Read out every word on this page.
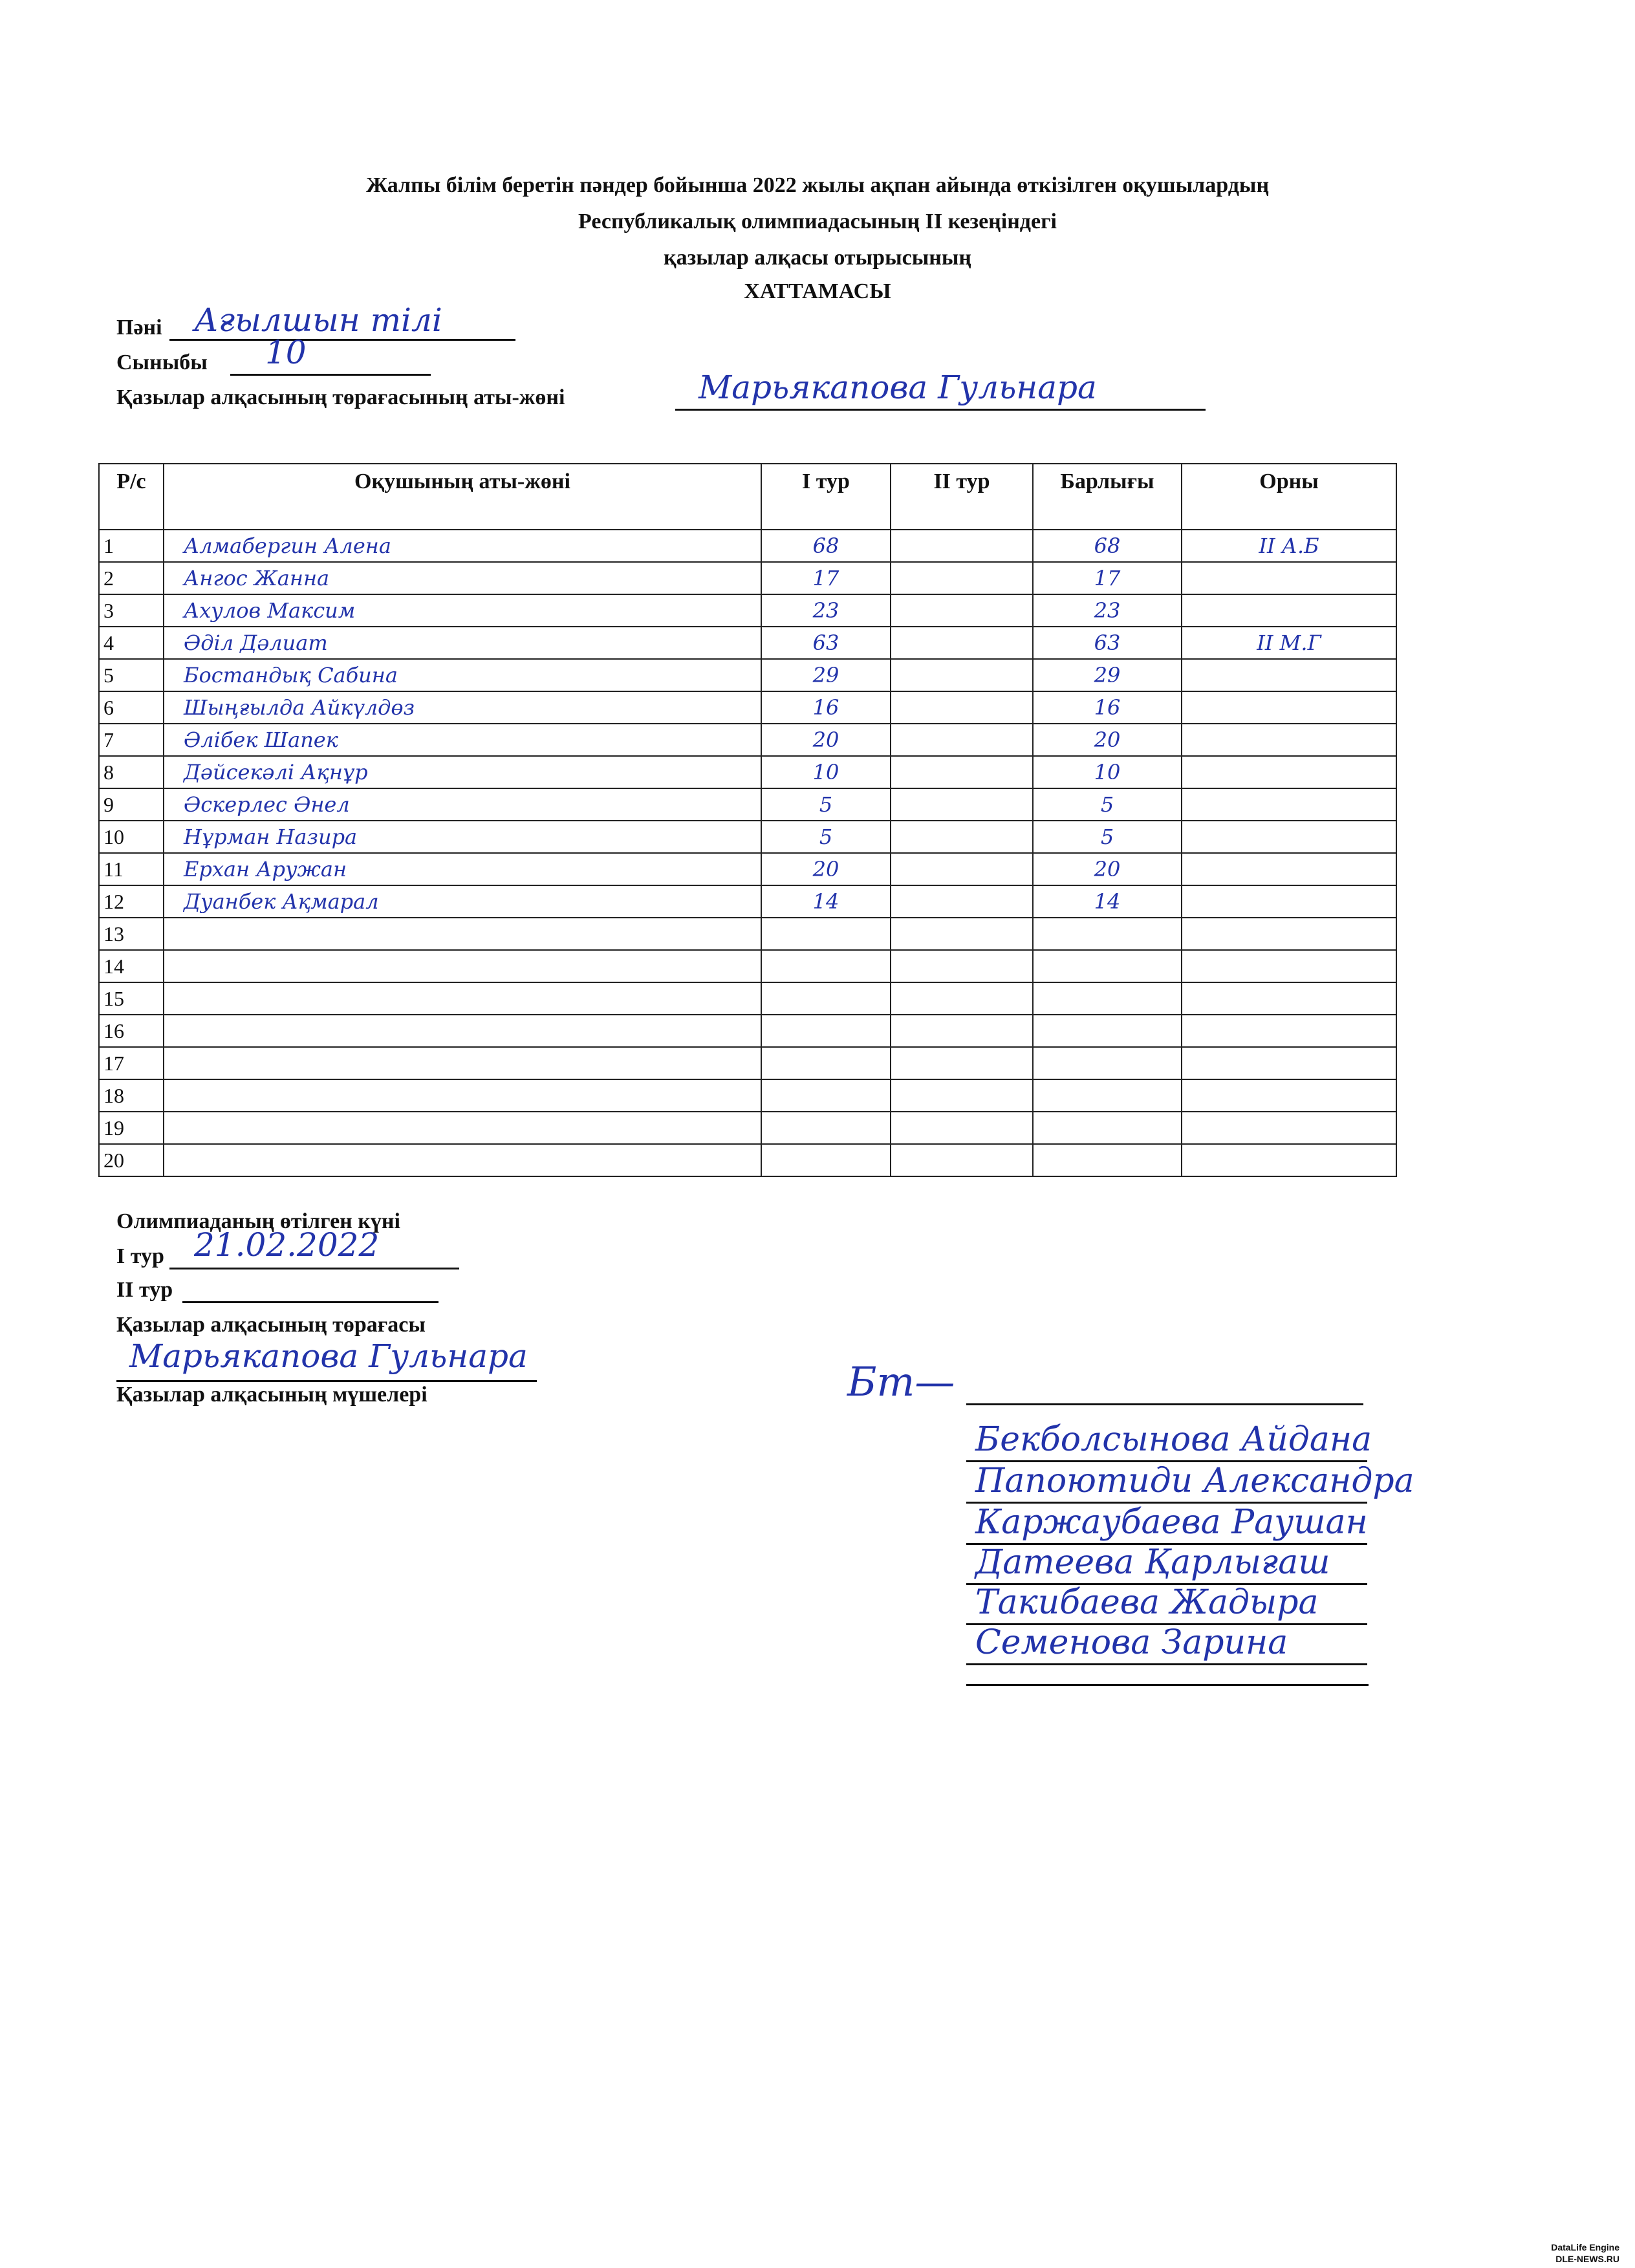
Жалпы білім беретін пәндер бойынша 2022 жылы ақпан айында өткізілген оқушылардың
Республикалық олимпиадасының ІІ кезеңіндегі
қазылар алқасы отырысының
ХАТТАМАСЫ
Пәні Ағылшын тілі
Сыныбы 10
Қазылар алқасының төрағасының аты-жөні	Марьякапова Гульнара
Р/с	Оқушының аты-жөні	І тур	ІІ тур	Барлығы	Орны
1	Алмабергин Алена	68		68	ІІ А.Б
2	Ангос Жанна	17		17	
3	Ахулов Максим	23		23	
4	Әділ Дәлиат	63		63	ІІ М.Г
5	Бостандық Сабина	29		29	
6	Шыңғылда Айкүлдөз	16		16	
7	Әлібек Шапек	20		20	
8	Дәйсекәлі Ақнұр	10		10	
9	Әскерлес Әнел	5		5	
10	Нұрман Назира	5		5	
11	Ерхан Аружан	20		20	
12	Дуанбек Ақмарал	14		14	
13					
14					
15					
16					
17					
18					
19					
20					
Олимпиаданың өтілген күні
І тур 21.02.2022
ІІ тур
Қазылар алқасының төрағасы
Марьякапова Гульнара
Қазылар алқасының мүшелері	Бт—
Бекболсынова Айдана
Папоютиди Александра
Каржаубаева Раушан
Датеева Қарлығаш
Такибаева Жадыра
Семенова Зарина
DataLife Engine
DLE-NEWS.RU
